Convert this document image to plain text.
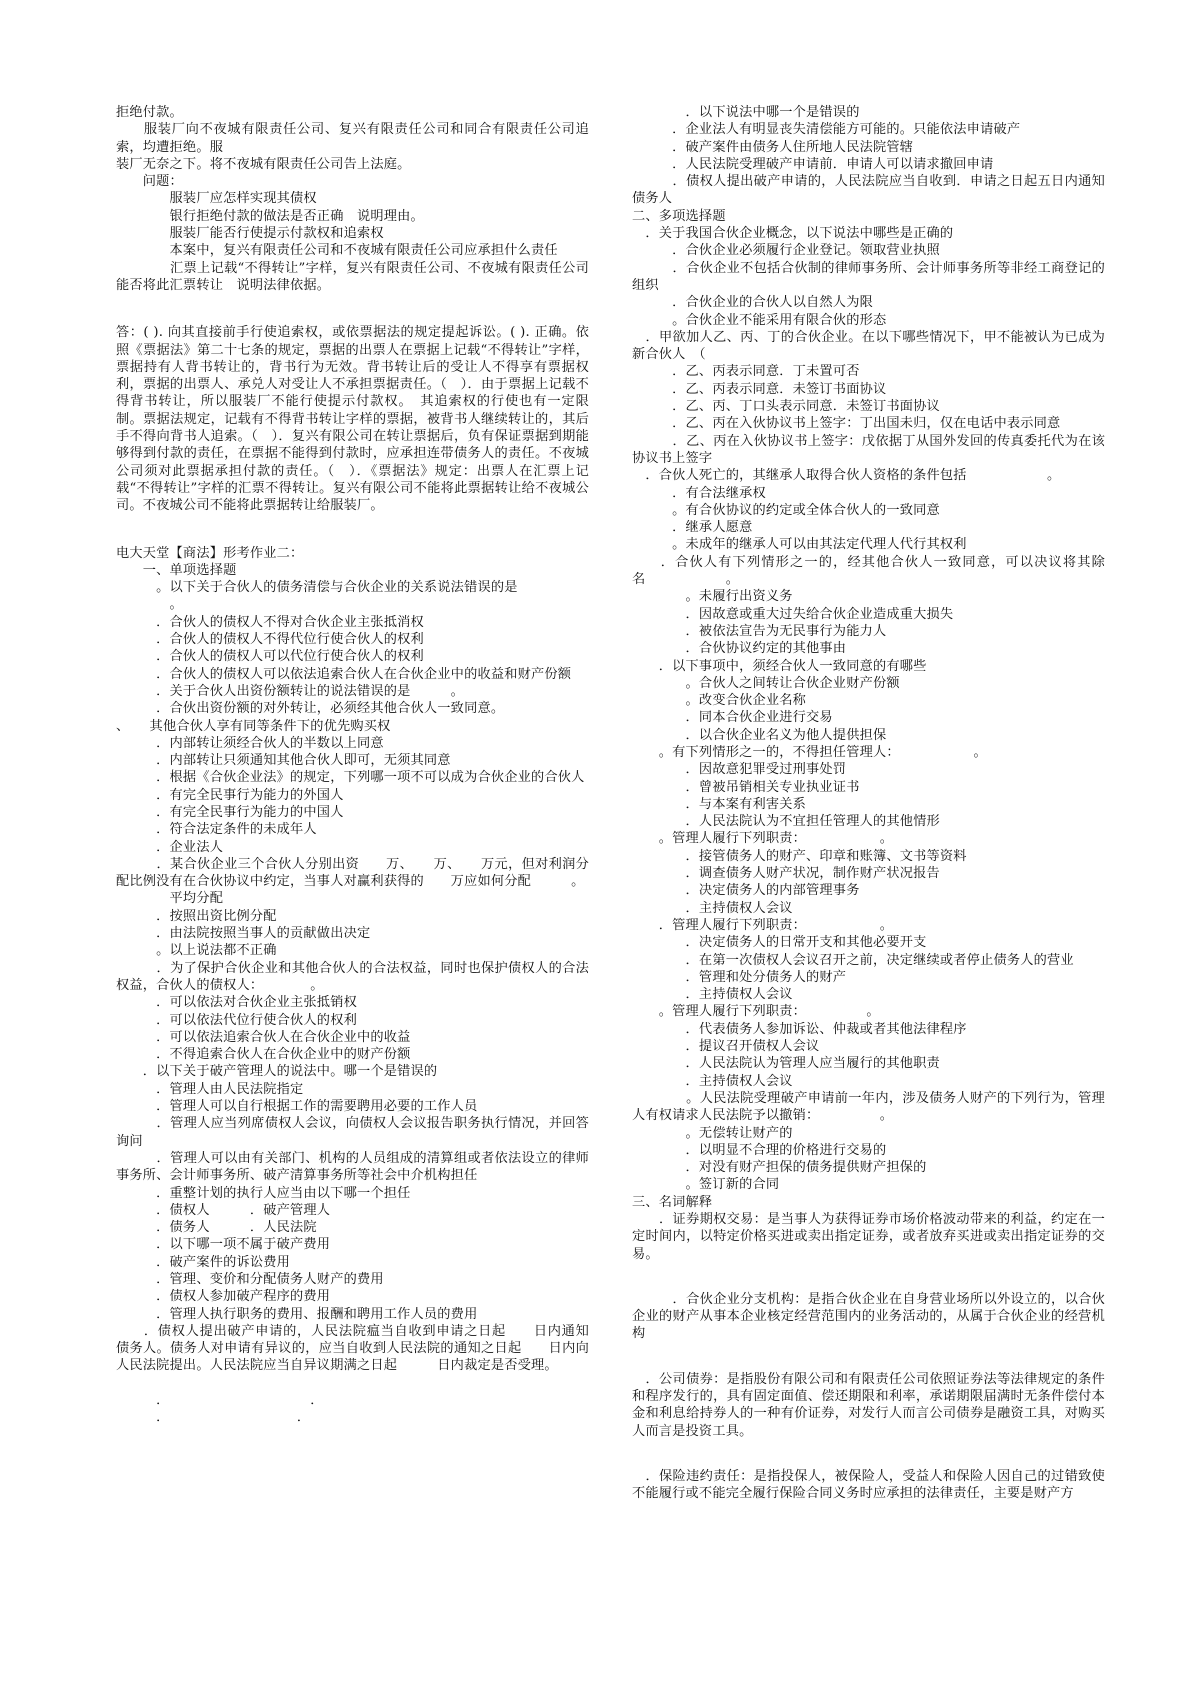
拒绝付款。

　　服装厂向不夜城有限责任公司、复兴有限责任公司和同合有限责任公司追索，均遭拒绝。服

装厂无奈之下。将不夜城有限责任公司告上法庭。

　　问题：

　　　　服装厂应怎样实现其债权

　　　　银行拒绝付款的做法是否正确　说明理由。

　　　　服装厂能否行使提示付款权和追索权

　　　　本案中，复兴有限责任公司和不夜城有限责任公司应承担什么责任

　　　　汇票上记载“不得转让”字样，复兴有限责任公司、不夜城有限责任公司能否将此汇票转让　说明法律依据。

答：( ). 向其直接前手行使追索权，或依票据法的规定提起诉讼。( ). 正确。依照《票据法》第二十七条的规定，票据的出票人在票据上记载“不得转让”字样，票据持有人背书转让的，背书行为无效。背书转让后的受让人不得享有票据权利，票据的出票人、承兑人对受让人不承担票据责任。（　）．由于票据上记载不得背书转让，所以服装厂不能行使提示付款权。　其追索权的行使也有一定限制。票据法规定，记载有不得背书转让字样的票据，被背书人继续转让的，其后手不得向背书人追索。（　）．复兴有限公司在转让票据后，负有保证票据到期能够得到付款的责任，在票据不能得到付款时，应承担连带债务人的责任。不夜城公司须对此票据承担付款的责任。（　）．《票据法》规定：出票人在汇票上记载“不得转让”字样的汇票不得转让。复兴有限公司不能将此票据转让给不夜城公司。不夜城公司不能将此票据转让给服装厂。

电大天堂【商法】形考作业二：

　　一、单项选择题

　　　。以下关于合伙人的债务清偿与合伙企业的关系说法错误的是

　　　　。

　　　．合伙人的债权人不得对合伙企业主张抵消权

　　　．合伙人的债权人不得代位行使合伙人的权利

　　　．合伙人的债权人可以代位行使合伙人的权利

　　　．合伙人的债权人可以依法追索合伙人在合伙企业中的收益和财产份额

　　　．关于合伙人出资份额转让的说法错误的是　　　。

　　　．合伙出资份额的对外转让，必须经其他合伙人一致同意。

、　　其他合伙人享有同等条件下的优先购买权

　　　．内部转让须经合伙人的半数以上同意

　　　．内部转让只须通知其他合伙人即可，无须其同意

　　　．根据《合伙企业法》的规定，下列哪一项不可以成为合伙企业的合伙人

　　　．有完全民事行为能力的外国人

　　　．有完全民事行为能力的中国人

　　　．符合法定条件的未成年人

　　　．企业法人

　　　．某合伙企业三个合伙人分别出资　　万、　　万、　　万元，但对利润分配比例没有在合伙协议中约定，当事人对赢利获得的　　万应如何分配　　　。

　　　　平均分配

　　　．按照出资比例分配

　　　．由法院按照当事人的贡献做出决定

　　　。以上说法都不正确

　　　．为了保护合伙企业和其他合伙人的合法权益，同时也保护债权人的合法权益，合伙人的债权人：　　　　。

　　　．可以依法对合伙企业主张抵销权

　　　．可以依法代位行使合伙人的权利

　　　．可以依法追索合伙人在合伙企业中的收益

　　　．不得追索合伙人在合伙企业中的财产份额

　　．以下关于破产管理人的说法中。哪一个是错误的

　　　．管理人由人民法院指定

　　　．管理人可以自行根据工作的需要聘用必要的工作人员

　　　．管理人应当列席债权人会议，向债权人会议报告职务执行情况，并回答询问

　　　．管理人可以由有关部门、机构的人员组成的清算组或者依法设立的律师事务所、会计师事务所、破产清算事务所等社会中介机构担任

　　　．重整计划的执行人应当由以下哪一个担任

　　　．债权人　　　．破产管理人

　　　．债务人　　　．人民法院

　　　．以下哪一项不属于破产费用

　　　．破产案件的诉讼费用

　　　．管理、变价和分配债务人财产的费用

　　　．债权人参加破产程序的费用

　　　．管理人执行职务的费用、报酬和聘用工作人员的费用

　　．债权人提出破产申请的，人民法院瘟当自收到申请之日起　　日内通知　债务人。债务人对申请有异议的，应当自收到人民法院的通知之日起　　日内向人民法院提出。人民法院应当自异议期满之日起　　　日内裁定是否受理。

　　　．　　　　　　　　　　　．

　　　．　　　　　　　　　　．

　　　　．以下说法中哪一个是错误的

　　　．企业法人有明显丧失清偿能方可能的。只能依法申请破产

　　　．破产案件由债务人住所地人民法院管辖

　　　．人民法院受理破产申请前．申请人可以请求撤回申请

　　　．债权人提出破产申请的，人民法院应当自收到．申请之日起五日内通知债务人

二、多项选择题

　．关于我国合伙企业概念，以下说法中哪些是正确的

　　　．合伙企业必须履行企业登记。领取营业执照

　　　．合伙企业不包括合伙制的律师事务所、会计师事务所等非经工商登记的组织

　　　．合伙企业的合伙人以自然人为限

　　　。合伙企业不能采用有限合伙的形态

　．甲欲加人乙、丙、丁的合伙企业。在以下哪些情况下，甲不能被认为已成为新合伙人　（

　　　．乙、丙表示同意．丁未置可否

　　　．乙、丙表示同意．未签订书面协议

　　　．乙、丙、丁口头表示同意．未签订书面协议

　　　．乙、丙在入伙协议书上签字：丁出国未归，仅在电话中表示同意

　　　．乙、丙在入伙协议书上签字：戊依据丁从国外发回的传真委托代为在该协议书上签字

　．合伙人死亡的，其继承人取得合伙人资格的条件包括　　　　　　。

　　　．有合法继承权

　　　。有合伙协议的约定或全体合伙人的一致同意

　　　．继承人愿意

　　　。未成年的继承人可以由其法定代理人代行其权利

　　．合伙人有下列情形之一的，经其他合伙人一致同意，可以决议将其除名　　　　　　。

　　　　。未履行出资义务

　　　　．因故意或重大过失给合伙企业造成重大损失

　　　　．被依法宣告为无民事行为能力人

　　　　．合伙协议约定的其他事由

　　．以下事项中，须经合伙人一致同意的有哪些

　　　　。合伙人之间转让合伙企业财产份额

　　　　。改变合伙企业名称

　　　　．同本合伙企业进行交易

　　　　．以合伙企业名义为他人提供担保

　　。有下列情形之一的，不得担任管理人：　　　　　　。

　　　　．因故意犯罪受过刑事处罚

　　　　．曾被吊销相关专业执业证书

　　　　．与本案有利害关系

　　　　．人民法院认为不宜担任管理人的其他情形

　　。管理人履行下列职责：　　　　　　。

　　　　．接管债务人的财产、印章和账簿、文书等资料

　　　　．调查债务人财产状况，制作财产状况报告

　　　　．决定债务人的内部管理事务

　　　　．主持债权人会议

　　．管理人履行下列职责：　　　　　　。

　　　　．决定债务人的日常开支和其他必要开支

　　　　．在第一次债权人会议召开之前，决定继续或者停止债务人的营业

　　　　．管理和处分债务人的财产

　　　　．主持债权人会议

　　。管理人履行下列职责：　　　　　。

　　　　．代表债务人参加诉讼、仲裁或者其他法律程序

　　　　．提议召开债权人会议

　　　　．人民法院认为管理人应当履行的其他职责

　　　　．主持债权人会议

　　　　。人民法院受理破产申请前一年内，涉及债务人财产的下列行为，管理人有权请求人民法院予以撤销：　　　　　。

　　　　。无偿转让财产的

　　　　．以明显不合理的价格进行交易的

　　　　．对没有财产担保的债务提供财产担保的

　　　　。签订新的合同

三、名词解释

　　．证券期权交易：是当事人为获得证券市场价格波动带来的利益，约定在一定时间内，以特定价格买进或卖出指定证券，或者放弃买进或卖出指定证券的交易。

　　　．合伙企业分支机构：是指合伙企业在自身营业场所以外设立的，以合伙企业的财产从事本企业核定经营范围内的业务活动的，从属于合伙企业的经营机构

　．公司债券：是指股份有限公司和有限责任公司依照证券法等法律规定的条件和程序发行的，具有固定面值、偿还期限和利率，承诺期限届满时无条件偿付本金和利息给持券人的一种有价证券，对发行人而言公司债券是融资工具，对购买人而言是投资工具。

　．保险违约责任：是指投保人，被保险人，受益人和保险人因自己的过错致使不能履行或不能完全履行保险合同义务时应承担的法律责任，主要是财产方
